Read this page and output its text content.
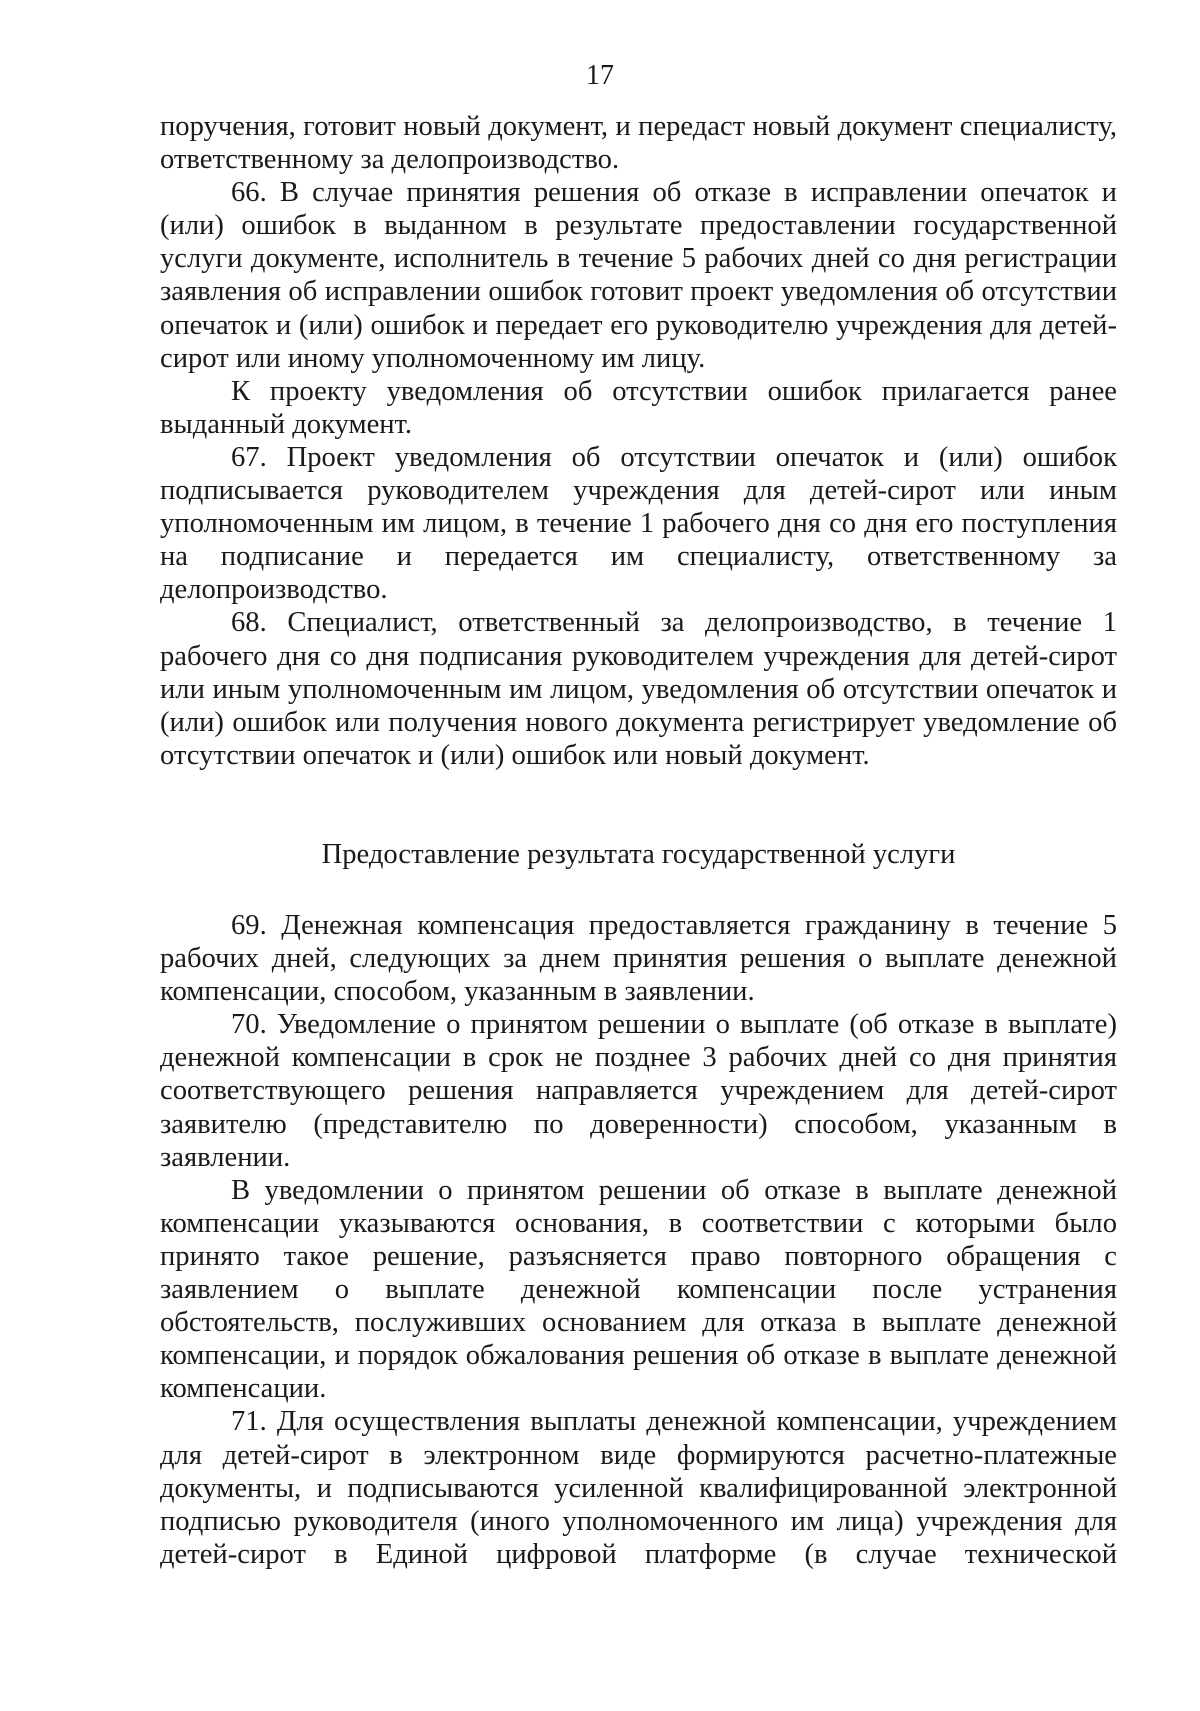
17

поручения, готовит новый документ, и передаст новый документ специалисту, ответственному за делопроизводство.

66. В случае принятия решения об отказе в исправлении опечаток и (или) ошибок в выданном в результате предоставлении государственной услуги документе, исполнитель в течение 5 рабочих дней со дня регистрации заявления об исправлении ошибок готовит проект уведомления об отсутствии опечаток и (или) ошибок и передает его руководителю учреждения для детей-сирот или иному уполномоченному им лицу.

К проекту уведомления об отсутствии ошибок прилагается ранее выданный документ.

67. Проект уведомления об отсутствии опечаток и (или) ошибок подписывается руководителем учреждения для детей-сирот или иным уполномоченным им лицом, в течение 1 рабочего дня со дня его поступления на подписание и передается им специалисту, ответственному за делопроизводство.

68. Специалист, ответственный за делопроизводство, в течение 1 рабочего дня со дня подписания руководителем учреждения для детей-сирот или иным уполномоченным им лицом, уведомления об отсутствии опечаток и (или) ошибок или получения нового документа регистрирует уведомление об отсутствии опечаток и (или) ошибок или новый документ.

Предоставление результата государственной услуги

69. Денежная компенсация предоставляется гражданину в течение 5 рабочих дней, следующих за днем принятия решения о выплате денежной компенсации, способом, указанным в заявлении.

70. Уведомление о принятом решении о выплате (об отказе в выплате) денежной компенсации в срок не позднее 3 рабочих дней со дня принятия соответствующего решения направляется учреждением для детей-сирот заявителю (представителю по доверенности) способом, указанным в заявлении.

В уведомлении о принятом решении об отказе в выплате денежной компенсации указываются основания, в соответствии с которыми было принято такое решение, разъясняется право повторного обращения с заявлением о выплате денежной компенсации после устранения обстоятельств, послуживших основанием для отказа в выплате денежной компенсации, и порядок обжалования решения об отказе в выплате денежной компенсации.

71. Для осуществления выплаты денежной компенсации, учреждением для детей-сирот в электронном виде формируются расчетно-платежные документы, и подписываются усиленной квалифицированной электронной подписью руководителя (иного уполномоченного им лица) учреждения для детей-сирот в Единой цифровой платформе (в случае технической
